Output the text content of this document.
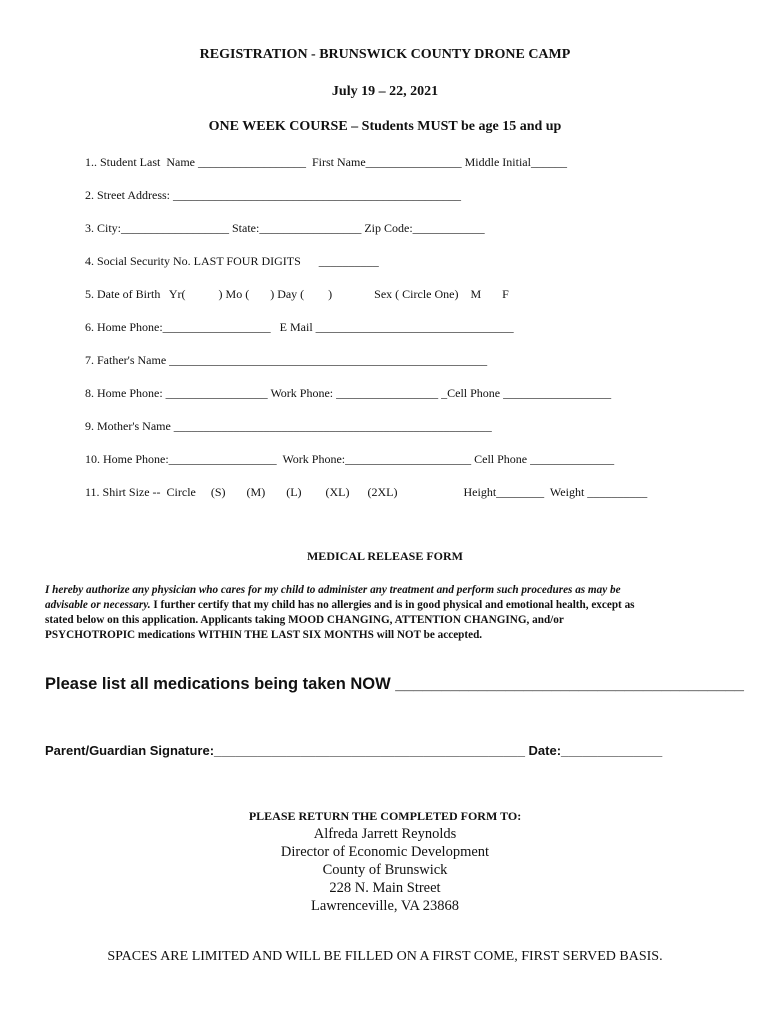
REGISTRATION - BRUNSWICK COUNTY DRONE CAMP
July 19 – 22, 2021
ONE WEEK COURSE – Students MUST be age 15 and up
1.. Student Last  Name __________________  First Name________________ Middle Initial______
2. Street Address: ________________________________________________
3. City:__________________ State:_________________ Zip Code:____________
4. Social Security No. LAST FOUR DIGITS      __________
5. Date of Birth   Yr(           ) Mo (       ) Day (        )              Sex ( Circle One)    M       F
6. Home Phone:__________________   E Mail _________________________________
7. Father's Name _____________________________________________________
8. Home Phone: _________________ Work Phone: _________________ _Cell Phone __________________
9. Mother's Name _____________________________________________________
10. Home Phone:__________________  Work Phone:_____________________ Cell Phone ______________
11. Shirt Size --  Circle     (S)       (M)       (L)        (XL)      (2XL)                      Height________  Weight __________
MEDICAL RELEASE FORM
I hereby authorize any physician who cares for my child to administer any treatment and perform such procedures as may be
advisable or necessary. I further certify that my child has no allergies and is in good physical and emotional health, except as
stated below on this application. Applicants taking MOOD CHANGING, ATTENTION CHANGING, and/or
PSYCHOTROPIC medications WITHIN THE LAST SIX MONTHS will NOT be accepted.
Please list all medications being taken NOW ______________________________________
Parent/Guardian Signature:___________________________________________ Date:______________
PLEASE RETURN THE COMPLETED FORM TO:
Alfreda Jarrett Reynolds
Director of Economic Development
County of Brunswick
228 N. Main Street
Lawrenceville, VA 23868
SPACES ARE LIMITED AND WILL BE FILLED ON A FIRST COME, FIRST SERVED BASIS.
